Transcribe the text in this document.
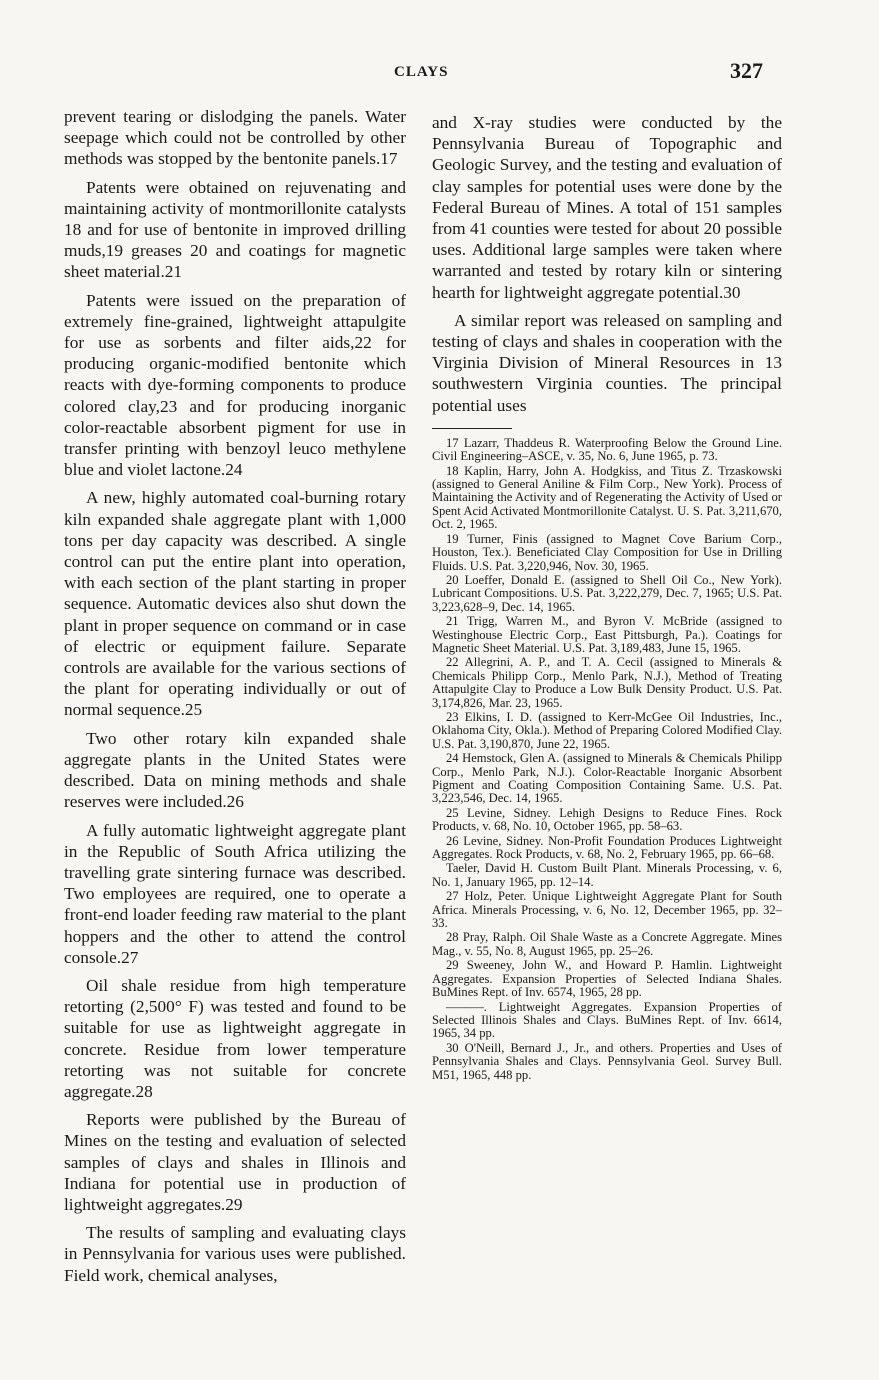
CLAYS	327

prevent tearing or dislodging the panels. Water seepage which could not be controlled by other methods was stopped by the bentonite panels.17

Patents were obtained on rejuvenating and maintaining activity of montmorillonite catalysts 18 and for use of bentonite in improved drilling muds,19 greases 20 and coatings for magnetic sheet material.21

Patents were issued on the preparation of extremely fine-grained, lightweight attapulgite for use as sorbents and filter aids,22 for producing organic-modified bentonite which reacts with dye-forming components to produce colored clay,23 and for producing inorganic color-reactable absorbent pigment for use in transfer printing with benzoyl leuco methylene blue and violet lactone.24

A new, highly automated coal-burning rotary kiln expanded shale aggregate plant with 1,000 tons per day capacity was described. A single control can put the entire plant into operation, with each section of the plant starting in proper sequence. Automatic devices also shut down the plant in proper sequence on command or in case of electric or equipment failure. Separate controls are available for the various sections of the plant for operating individually or out of normal sequence.25

Two other rotary kiln expanded shale aggregate plants in the United States were described. Data on mining methods and shale reserves were included.26

A fully automatic lightweight aggregate plant in the Republic of South Africa utilizing the travelling grate sintering furnace was described. Two employees are required, one to operate a front-end loader feeding raw material to the plant hoppers and the other to attend the control console.27

Oil shale residue from high temperature retorting (2,500° F) was tested and found to be suitable for use as lightweight aggregate in concrete. Residue from lower temperature retorting was not suitable for concrete aggregate.28

Reports were published by the Bureau of Mines on the testing and evaluation of selected samples of clays and shales in Illinois and Indiana for potential use in production of lightweight aggregates.29

The results of sampling and evaluating clays in Pennsylvania for various uses were published. Field work, chemical analyses,

and X-ray studies were conducted by the Pennsylvania Bureau of Topographic and Geologic Survey, and the testing and evaluation of clay samples for potential uses were done by the Federal Bureau of Mines. A total of 151 samples from 41 counties were tested for about 20 possible uses. Additional large samples were taken where warranted and tested by rotary kiln or sintering hearth for lightweight aggregate potential.30

A similar report was released on sampling and testing of clays and shales in cooperation with the Virginia Division of Mineral Resources in 13 southwestern Virginia counties. The principal potential uses

17 Lazarr, Thaddeus R. Waterproofing Below the Ground Line. Civil Engineering–ASCE, v. 35, No. 6, June 1965, p. 73.

18 Kaplin, Harry, John A. Hodgkiss, and Titus Z. Trzaskowski (assigned to General Aniline & Film Corp., New York). Process of Maintaining the Activity and of Regenerating the Activity of Used or Spent Acid Activated Montmorillonite Catalyst. U. S. Pat. 3,211,670, Oct. 2, 1965.

19 Turner, Finis (assigned to Magnet Cove Barium Corp., Houston, Tex.). Beneficiated Clay Composition for Use in Drilling Fluids. U.S. Pat. 3,220,946, Nov. 30, 1965.

20 Loeffer, Donald E. (assigned to Shell Oil Co., New York). Lubricant Compositions. U.S. Pat. 3,222,279, Dec. 7, 1965; U.S. Pat. 3,223,628–9, Dec. 14, 1965.

21 Trigg, Warren M., and Byron V. McBride (assigned to Westinghouse Electric Corp., East Pittsburgh, Pa.). Coatings for Magnetic Sheet Material. U.S. Pat. 3,189,483, June 15, 1965.

22 Allegrini, A. P., and T. A. Cecil (assigned to Minerals & Chemicals Philipp Corp., Menlo Park, N.J.), Method of Treating Attapulgite Clay to Produce a Low Bulk Density Product. U.S. Pat. 3,174,826, Mar. 23, 1965.

23 Elkins, I. D. (assigned to Kerr-McGee Oil Industries, Inc., Oklahoma City, Okla.). Method of Preparing Colored Modified Clay. U.S. Pat. 3,190,870, June 22, 1965.

24 Hemstock, Glen A. (assigned to Minerals & Chemicals Philipp Corp., Menlo Park, N.J.). Color-Reactable Inorganic Absorbent Pigment and Coating Composition Containing Same. U.S. Pat. 3,223,546, Dec. 14, 1965.

25 Levine, Sidney. Lehigh Designs to Reduce Fines. Rock Products, v. 68, No. 10, October 1965, pp. 58–63.

26 Levine, Sidney. Non-Profit Foundation Produces Lightweight Aggregates. Rock Products, v. 68, No. 2, February 1965, pp. 66–68.

Taeler, David H. Custom Built Plant. Minerals Processing, v. 6, No. 1, January 1965, pp. 12–14.

27 Holz, Peter. Unique Lightweight Aggregate Plant for South Africa. Minerals Processing, v. 6, No. 12, December 1965, pp. 32–33.

28 Pray, Ralph. Oil Shale Waste as a Concrete Aggregate. Mines Mag., v. 55, No. 8, August 1965, pp. 25–26.

29 Sweeney, John W., and Howard P. Hamlin. Lightweight Aggregates. Expansion Properties of Selected Indiana Shales. BuMines Rept. of Inv. 6574, 1965, 28 pp.

———. Lightweight Aggregates. Expansion Properties of Selected Illinois Shales and Clays. BuMines Rept. of Inv. 6614, 1965, 34 pp.

30 O'Neill, Bernard J., Jr., and others. Properties and Uses of Pennsylvania Shales and Clays. Pennsylvania Geol. Survey Bull. M51, 1965, 448 pp.
